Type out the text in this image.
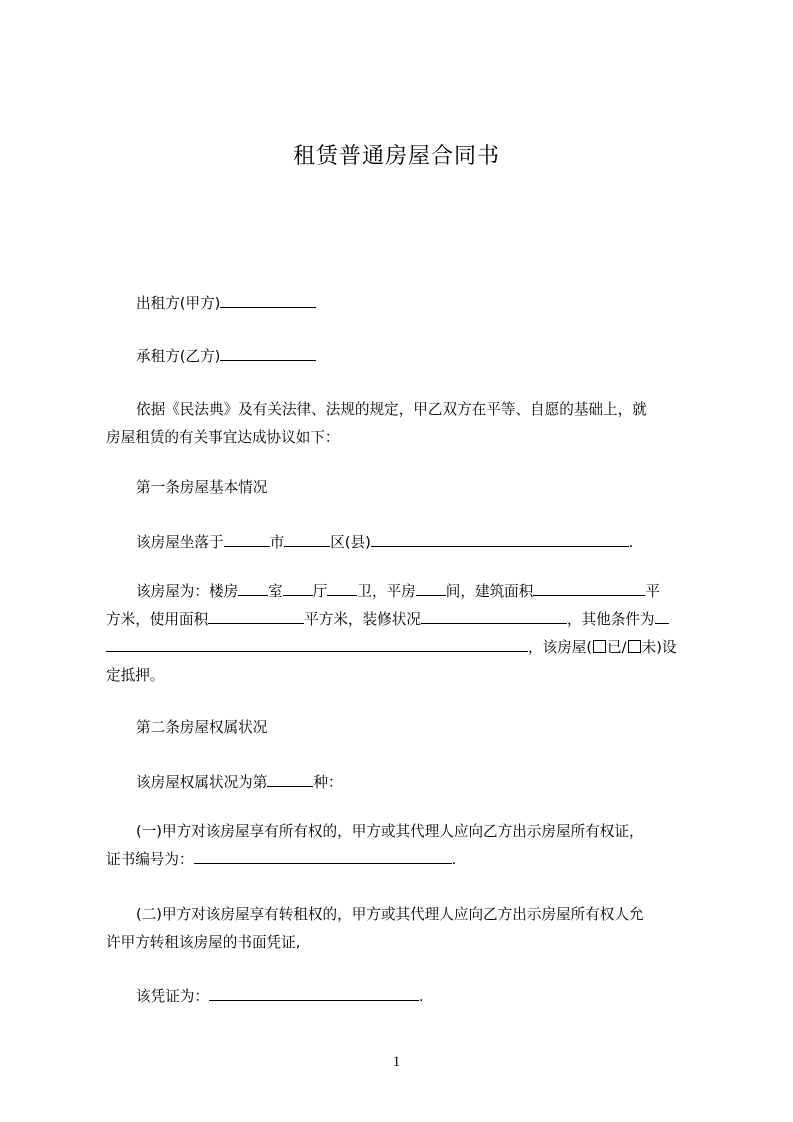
租赁普通房屋合同书
出租方(甲方)
承租方(乙方)
依据《民法典》及有关法律、法规的规定，甲乙双方在平等、自愿的基础上，就
房屋租赁的有关事宜达成协议如下：
第一条房屋基本情况
该房屋坐落于	市	区(县)	.
该房屋为：楼房 室 厅 卫，平房 间，建筑面积	平
方米，使用面积	平方米，装修状况	，其他条件为
，该房屋( 已/ 未)设
定抵押。
第二条房屋权属状况
该房屋权属状况为第	种：
(一)甲方对该房屋享有所有权的，甲方或其代理人应向乙方出示房屋所有权证，
证书编号为：	.
(二)甲方对该房屋享有转租权的，甲方或其代理人应向乙方出示房屋所有权人允
许甲方转租该房屋的书面凭证,
该凭证为：	.
1
